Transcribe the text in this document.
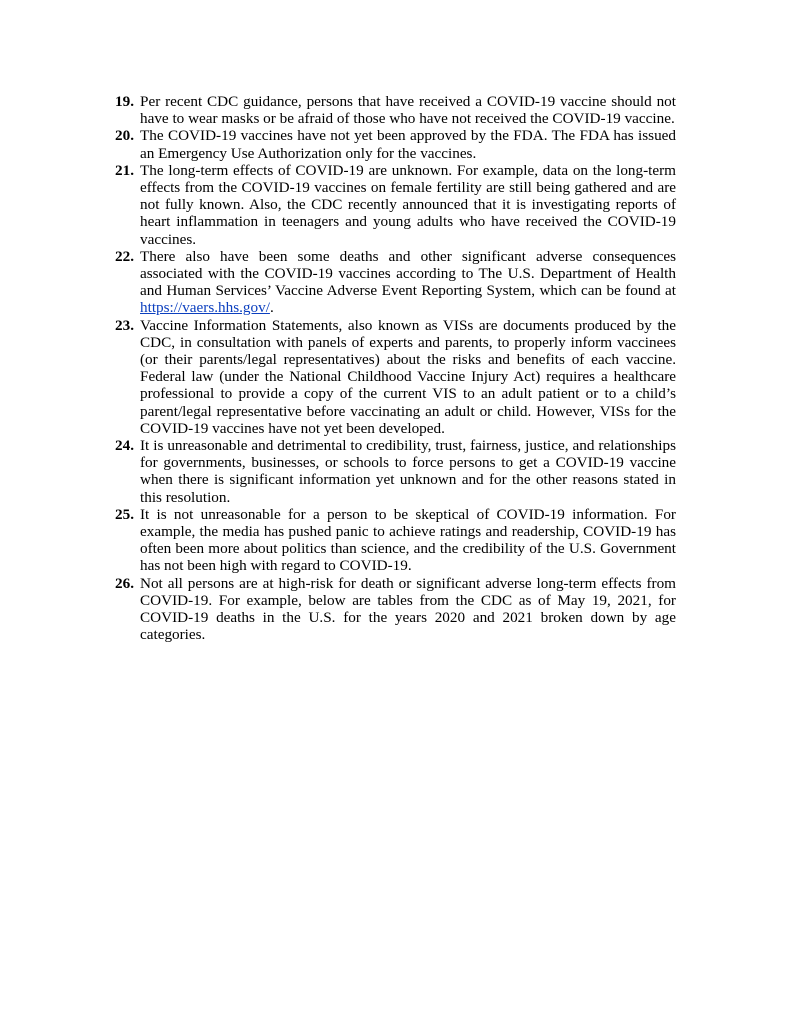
19. Per recent CDC guidance, persons that have received a COVID-19 vaccine should not have to wear masks or be afraid of those who have not received the COVID-19 vaccine.
20. The COVID-19 vaccines have not yet been approved by the FDA. The FDA has issued an Emergency Use Authorization only for the vaccines.
21. The long-term effects of COVID-19 are unknown. For example, data on the long-term effects from the COVID-19 vaccines on female fertility are still being gathered and are not fully known. Also, the CDC recently announced that it is investigating reports of heart inflammation in teenagers and young adults who have received the COVID-19 vaccines.
22. There also have been some deaths and other significant adverse consequences associated with the COVID-19 vaccines according to The U.S. Department of Health and Human Services’ Vaccine Adverse Event Reporting System, which can be found at https://vaers.hhs.gov/.
23. Vaccine Information Statements, also known as VISs are documents produced by the CDC, in consultation with panels of experts and parents, to properly inform vaccinees (or their parents/legal representatives) about the risks and benefits of each vaccine. Federal law (under the National Childhood Vaccine Injury Act) requires a healthcare professional to provide a copy of the current VIS to an adult patient or to a child’s parent/legal representative before vaccinating an adult or child. However, VISs for the COVID-19 vaccines have not yet been developed.
24. It is unreasonable and detrimental to credibility, trust, fairness, justice, and relationships for governments, businesses, or schools to force persons to get a COVID-19 vaccine when there is significant information yet unknown and for the other reasons stated in this resolution.
25. It is not unreasonable for a person to be skeptical of COVID-19 information. For example, the media has pushed panic to achieve ratings and readership, COVID-19 has often been more about politics than science, and the credibility of the U.S. Government has not been high with regard to COVID-19.
26. Not all persons are at high-risk for death or significant adverse long-term effects from COVID-19. For example, below are tables from the CDC as of May 19, 2021, for COVID-19 deaths in the U.S. for the years 2020 and 2021 broken down by age categories.
